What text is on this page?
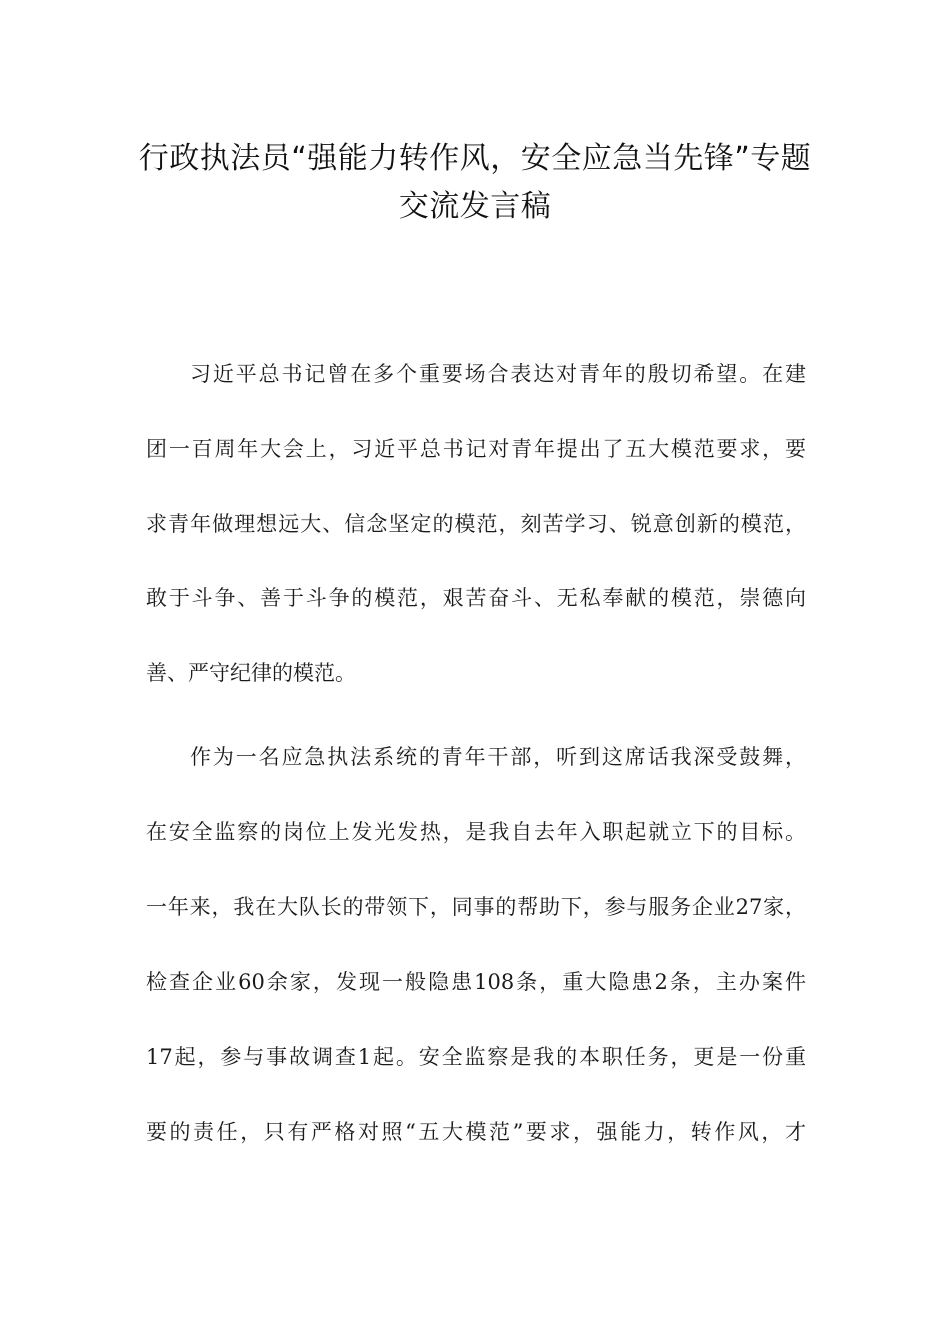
行政执法员“强能力转作风，安全应急当先锋”专题
交流发言稿
习近平总书记曾在多个重要场合表达对青年的殷切希望。在建
团一百周年大会上，习近平总书记对青年提出了五大模范要求，要
求青年做理想远大、信念坚定的模范，刻苦学习、锐意创新的模范，
敢于斗争、善于斗争的模范，艰苦奋斗、无私奉献的模范，崇德向
善、严守纪律的模范。
作为一名应急执法系统的青年干部，听到这席话我深受鼓舞，
在安全监察的岗位上发光发热，是我自去年入职起就立下的目标。
一年来，我在大队长的带领下，同事的帮助下，参与服务企业27家，
检查企业60余家，发现一般隐患108条，重大隐患2条，主办案件
17起，参与事故调查1起。安全监察是我的本职任务，更是一份重
要的责任，只有严格对照“五大模范”要求，强能力，转作风，才
